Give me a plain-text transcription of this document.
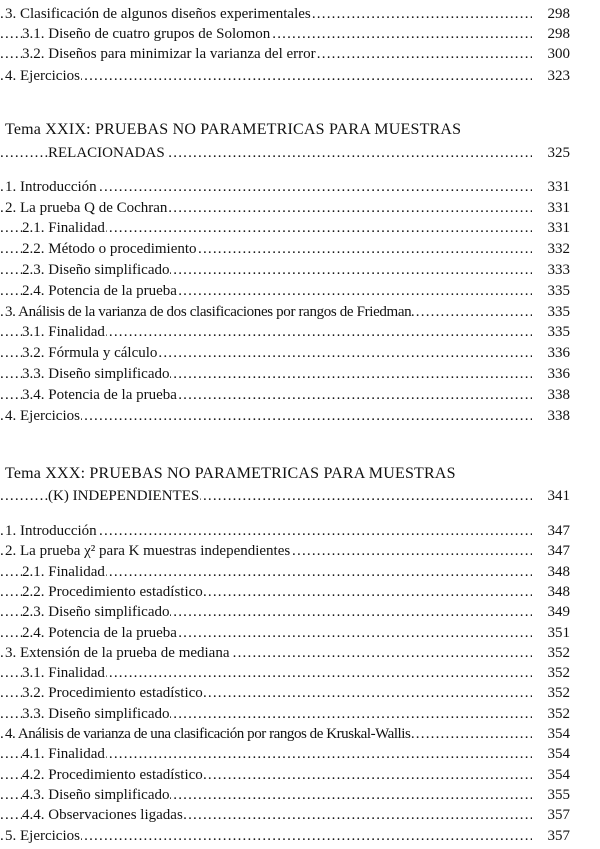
3. Clasificación de algunos diseños experimentales .....	298
3.1. Diseño de cuatro grupos de Solomon .....	298
3.2. Diseños para minimizar la varianza del error .....	300
4. Ejercicios .....	323
Tema XXIX: PRUEBAS NO PARAMETRICAS PARA MUESTRAS
RELACIONADAS .....	325
1. Introducción .....	331
2. La prueba Q de Cochran .....	331
2.1. Finalidad .....	331
2.2. Método o procedimiento .....	332
2.3. Diseño simplificado .....	333
2.4. Potencia de la prueba .....	335
3. Análisis de la varianza de dos clasificaciones por rangos de Friedman .....	335
3.1. Finalidad .....	335
3.2. Fórmula y cálculo .....	336
3.3. Diseño simplificado .....	336
3.4. Potencia de la prueba .....	338
4. Ejercicios .....	338
Tema XXX: PRUEBAS NO PARAMETRICAS PARA MUESTRAS
(K) INDEPENDIENTES .....	341
1. Introducción .....	347
2. La prueba χ² para K muestras independientes .....	347
2.1. Finalidad .....	348
2.2. Procedimiento estadístico .....	348
2.3. Diseño simplificado .....	349
2.4. Potencia de la prueba .....	351
3. Extensión de la prueba de mediana .....	352
3.1. Finalidad .....	352
3.2. Procedimiento estadístico .....	352
3.3. Diseño simplificado .....	352
4. Análisis de varianza de una clasificación por rangos de Kruskal-Wallis .....	354
4.1. Finalidad .....	354
4.2. Procedimiento estadístico .....	354
4.3. Diseño simplificado .....	355
4.4. Observaciones ligadas .....	357
5. Ejercicios .....	357
